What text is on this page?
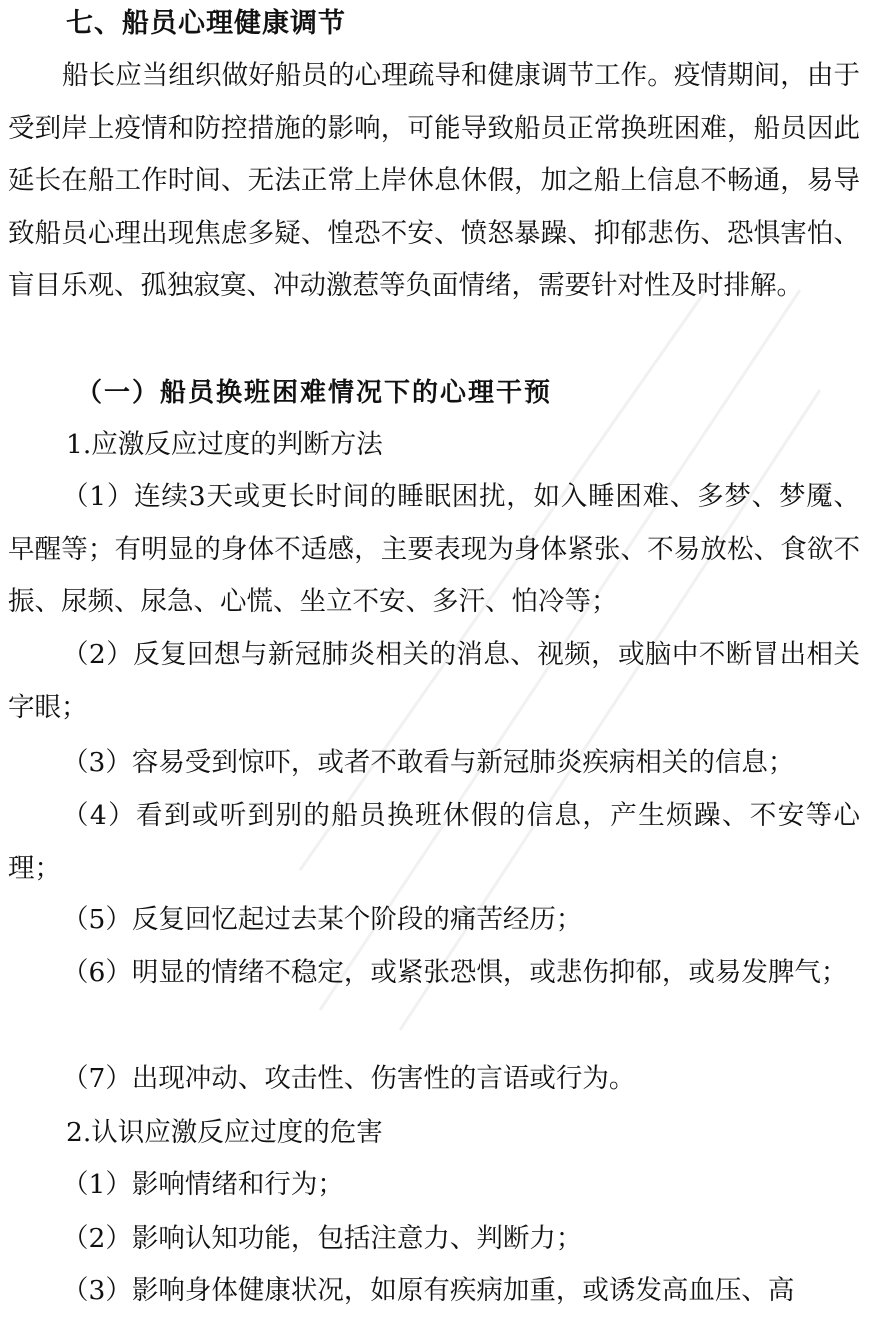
七、船员心理健康调节
船长应当组织做好船员的心理疏导和健康调节工作。疫情期间，由于受到岸上疫情和防控措施的影响，可能导致船员正常换班困难，船员因此延长在船工作时间、无法正常上岸休息休假，加之船上信息不畅通，易导致船员心理出现焦虑多疑、惶恐不安、愤怒暴躁、抑郁悲伤、恐惧害怕、盲目乐观、孤独寂寞、冲动激惹等负面情绪，需要针对性及时排解。
（一）船员换班困难情况下的心理干预
1.应激反应过度的判断方法
（1）连续3天或更长时间的睡眠困扰，如入睡困难、多梦、梦魇、早醒等；有明显的身体不适感，主要表现为身体紧张、不易放松、食欲不振、尿频、尿急、心慌、坐立不安、多汗、怕冷等；
（2）反复回想与新冠肺炎相关的消息、视频，或脑中不断冒出相关字眼；
（3）容易受到惊吓，或者不敢看与新冠肺炎疾病相关的信息；
（4）看到或听到别的船员换班休假的信息，产生烦躁、不安等心理；
（5）反复回忆起过去某个阶段的痛苦经历；
（6）明显的情绪不稳定，或紧张恐惧，或悲伤抑郁，或易发脾气；
（7）出现冲动、攻击性、伤害性的言语或行为。
2.认识应激反应过度的危害
（1）影响情绪和行为；
（2）影响认知功能，包括注意力、判断力；
（3）影响身体健康状况，如原有疾病加重，或诱发高血压、高
